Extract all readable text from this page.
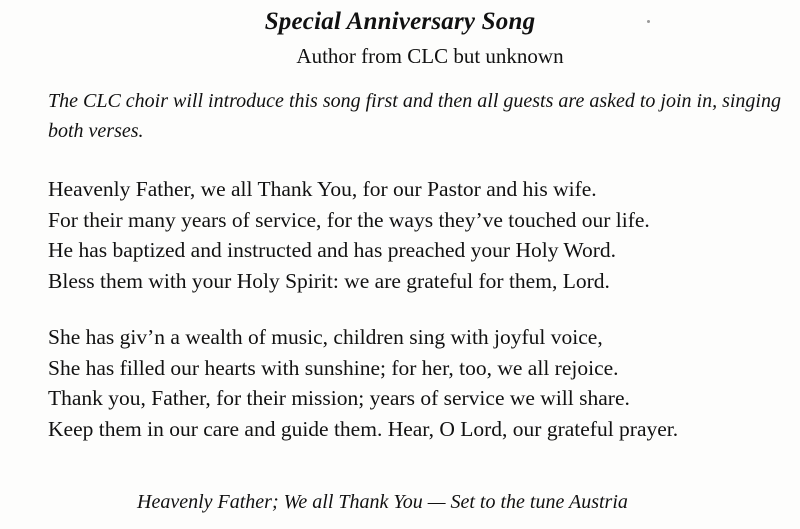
Special Anniversary Song
Author from CLC but unknown
The CLC choir will introduce this song first and then all guests are asked to join in, singing both verses.
Heavenly Father, we all Thank You, for our Pastor and his wife.
For their many years of service, for the ways they’ve touched our life.
He has baptized and instructed and has preached your Holy Word.
Bless them with your Holy Spirit: we are grateful for them, Lord.
She has giv’n a wealth of music, children sing with joyful voice,
She has filled our hearts with sunshine; for her, too, we all rejoice.
Thank you, Father, for their mission; years of service we will share.
Keep them in our care and guide them. Hear, O Lord, our grateful prayer.
Heavenly Father; We all Thank You — Set to the tune Austria
